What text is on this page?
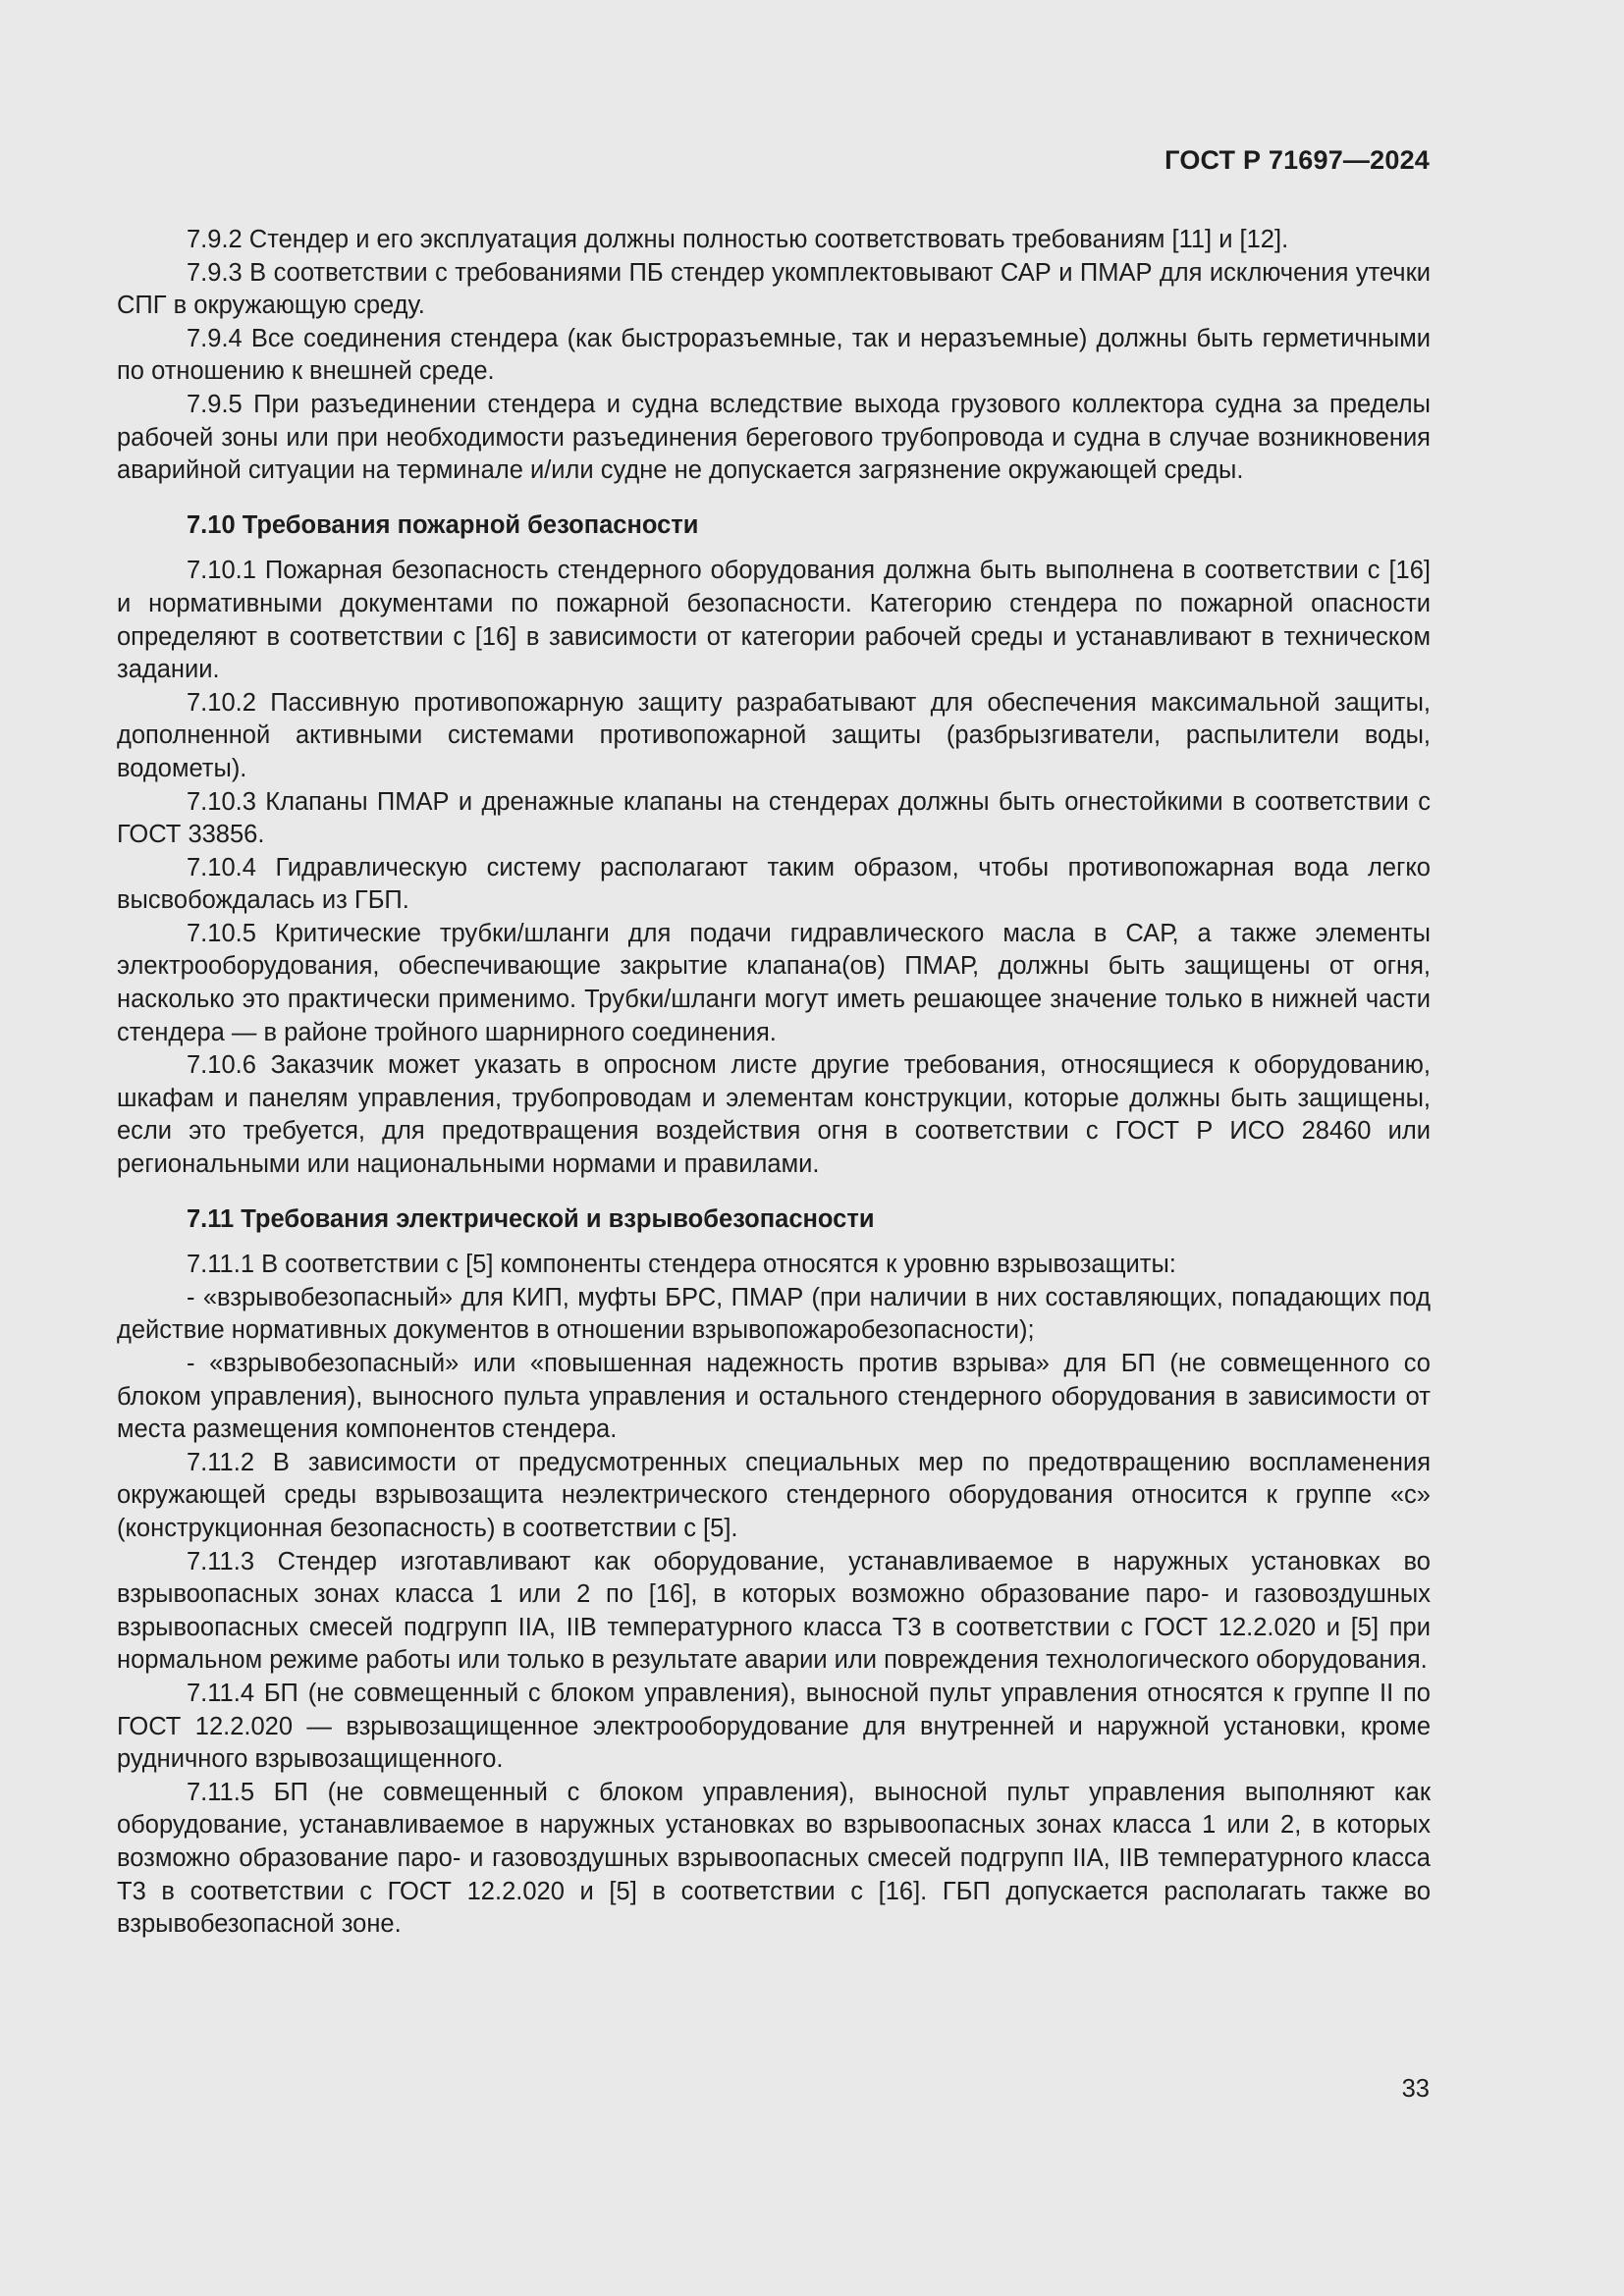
ГОСТ Р 71697—2024

7.9.2 Стендер и его эксплуатация должны полностью соответствовать требованиям [11] и [12].

7.9.3 В соответствии с требованиями ПБ стендер укомплектовывают САР и ПМАР для исключения утечки СПГ в окружающую среду.

7.9.4 Все соединения стендера (как быстроразъемные, так и неразъемные) должны быть герметичными по отношению к внешней среде.

7.9.5 При разъединении стендера и судна вследствие выхода грузового коллектора судна за пределы рабочей зоны или при необходимости разъединения берегового трубопровода и судна в случае возникновения аварийной ситуации на терминале и/или судне не допускается загрязнение окружающей среды.

7.10 Требования пожарной безопасности

7.10.1 Пожарная безопасность стендерного оборудования должна быть выполнена в соответствии с [16] и нормативными документами по пожарной безопасности. Категорию стендера по пожарной опасности определяют в соответствии с [16] в зависимости от категории рабочей среды и устанавливают в техническом задании.

7.10.2 Пассивную противопожарную защиту разрабатывают для обеспечения максимальной защиты, дополненной активными системами противопожарной защиты (разбрызгиватели, распылители воды, водометы).

7.10.3 Клапаны ПМАР и дренажные клапаны на стендерах должны быть огнестойкими в соответствии с ГОСТ 33856.

7.10.4 Гидравлическую систему располагают таким образом, чтобы противопожарная вода легко высвобождалась из ГБП.

7.10.5 Критические трубки/шланги для подачи гидравлического масла в САР, а также элементы электрооборудования, обеспечивающие закрытие клапана(ов) ПМАР, должны быть защищены от огня, насколько это практически применимо. Трубки/шланги могут иметь решающее значение только в нижней части стендера — в районе тройного шарнирного соединения.

7.10.6 Заказчик может указать в опросном листе другие требования, относящиеся к оборудованию, шкафам и панелям управления, трубопроводам и элементам конструкции, которые должны быть защищены, если это требуется, для предотвращения воздействия огня в соответствии с ГОСТ Р ИСО 28460 или региональными или национальными нормами и правилами.

7.11 Требования электрической и взрывобезопасности

7.11.1 В соответствии с [5] компоненты стендера относятся к уровню взрывозащиты:

- «взрывобезопасный» для КИП, муфты БРС, ПМАР (при наличии в них составляющих, попадающих под действие нормативных документов в отношении взрывопожаробезопасности);

- «взрывобезопасный» или «повышенная надежность против взрыва» для БП (не совмещенного со блоком управления), выносного пульта управления и остального стендерного оборудования в зависимости от места размещения компонентов стендера.

7.11.2 В зависимости от предусмотренных специальных мер по предотвращению воспламенения окружающей среды взрывозащита неэлектрического стендерного оборудования относится к группе «с» (конструкционная безопасность) в соответствии с [5].

7.11.3 Стендер изготавливают как оборудование, устанавливаемое в наружных установках во взрывоопасных зонах класса 1 или 2 по [16], в которых возможно образование паро- и газовоздушных взрывоопасных смесей подгрупп IIA, IIB температурного класса Т3 в соответствии с ГОСТ 12.2.020 и [5] при нормальном режиме работы или только в результате аварии или повреждения технологического оборудования.

7.11.4 БП (не совмещенный с блоком управления), выносной пульт управления относятся к группе II по ГОСТ 12.2.020 — взрывозащищенное электрооборудование для внутренней и наружной установки, кроме рудничного взрывозащищенного.

7.11.5 БП (не совмещенный с блоком управления), выносной пульт управления выполняют как оборудование, устанавливаемое в наружных установках во взрывоопасных зонах класса 1 или 2, в которых возможно образование паро- и газовоздушных взрывоопасных смесей подгрупп IIA, IIB температурного класса Т3 в соответствии с ГОСТ 12.2.020 и [5] в соответствии с [16]. ГБП допускается располагать также во взрывобезопасной зоне.

33
